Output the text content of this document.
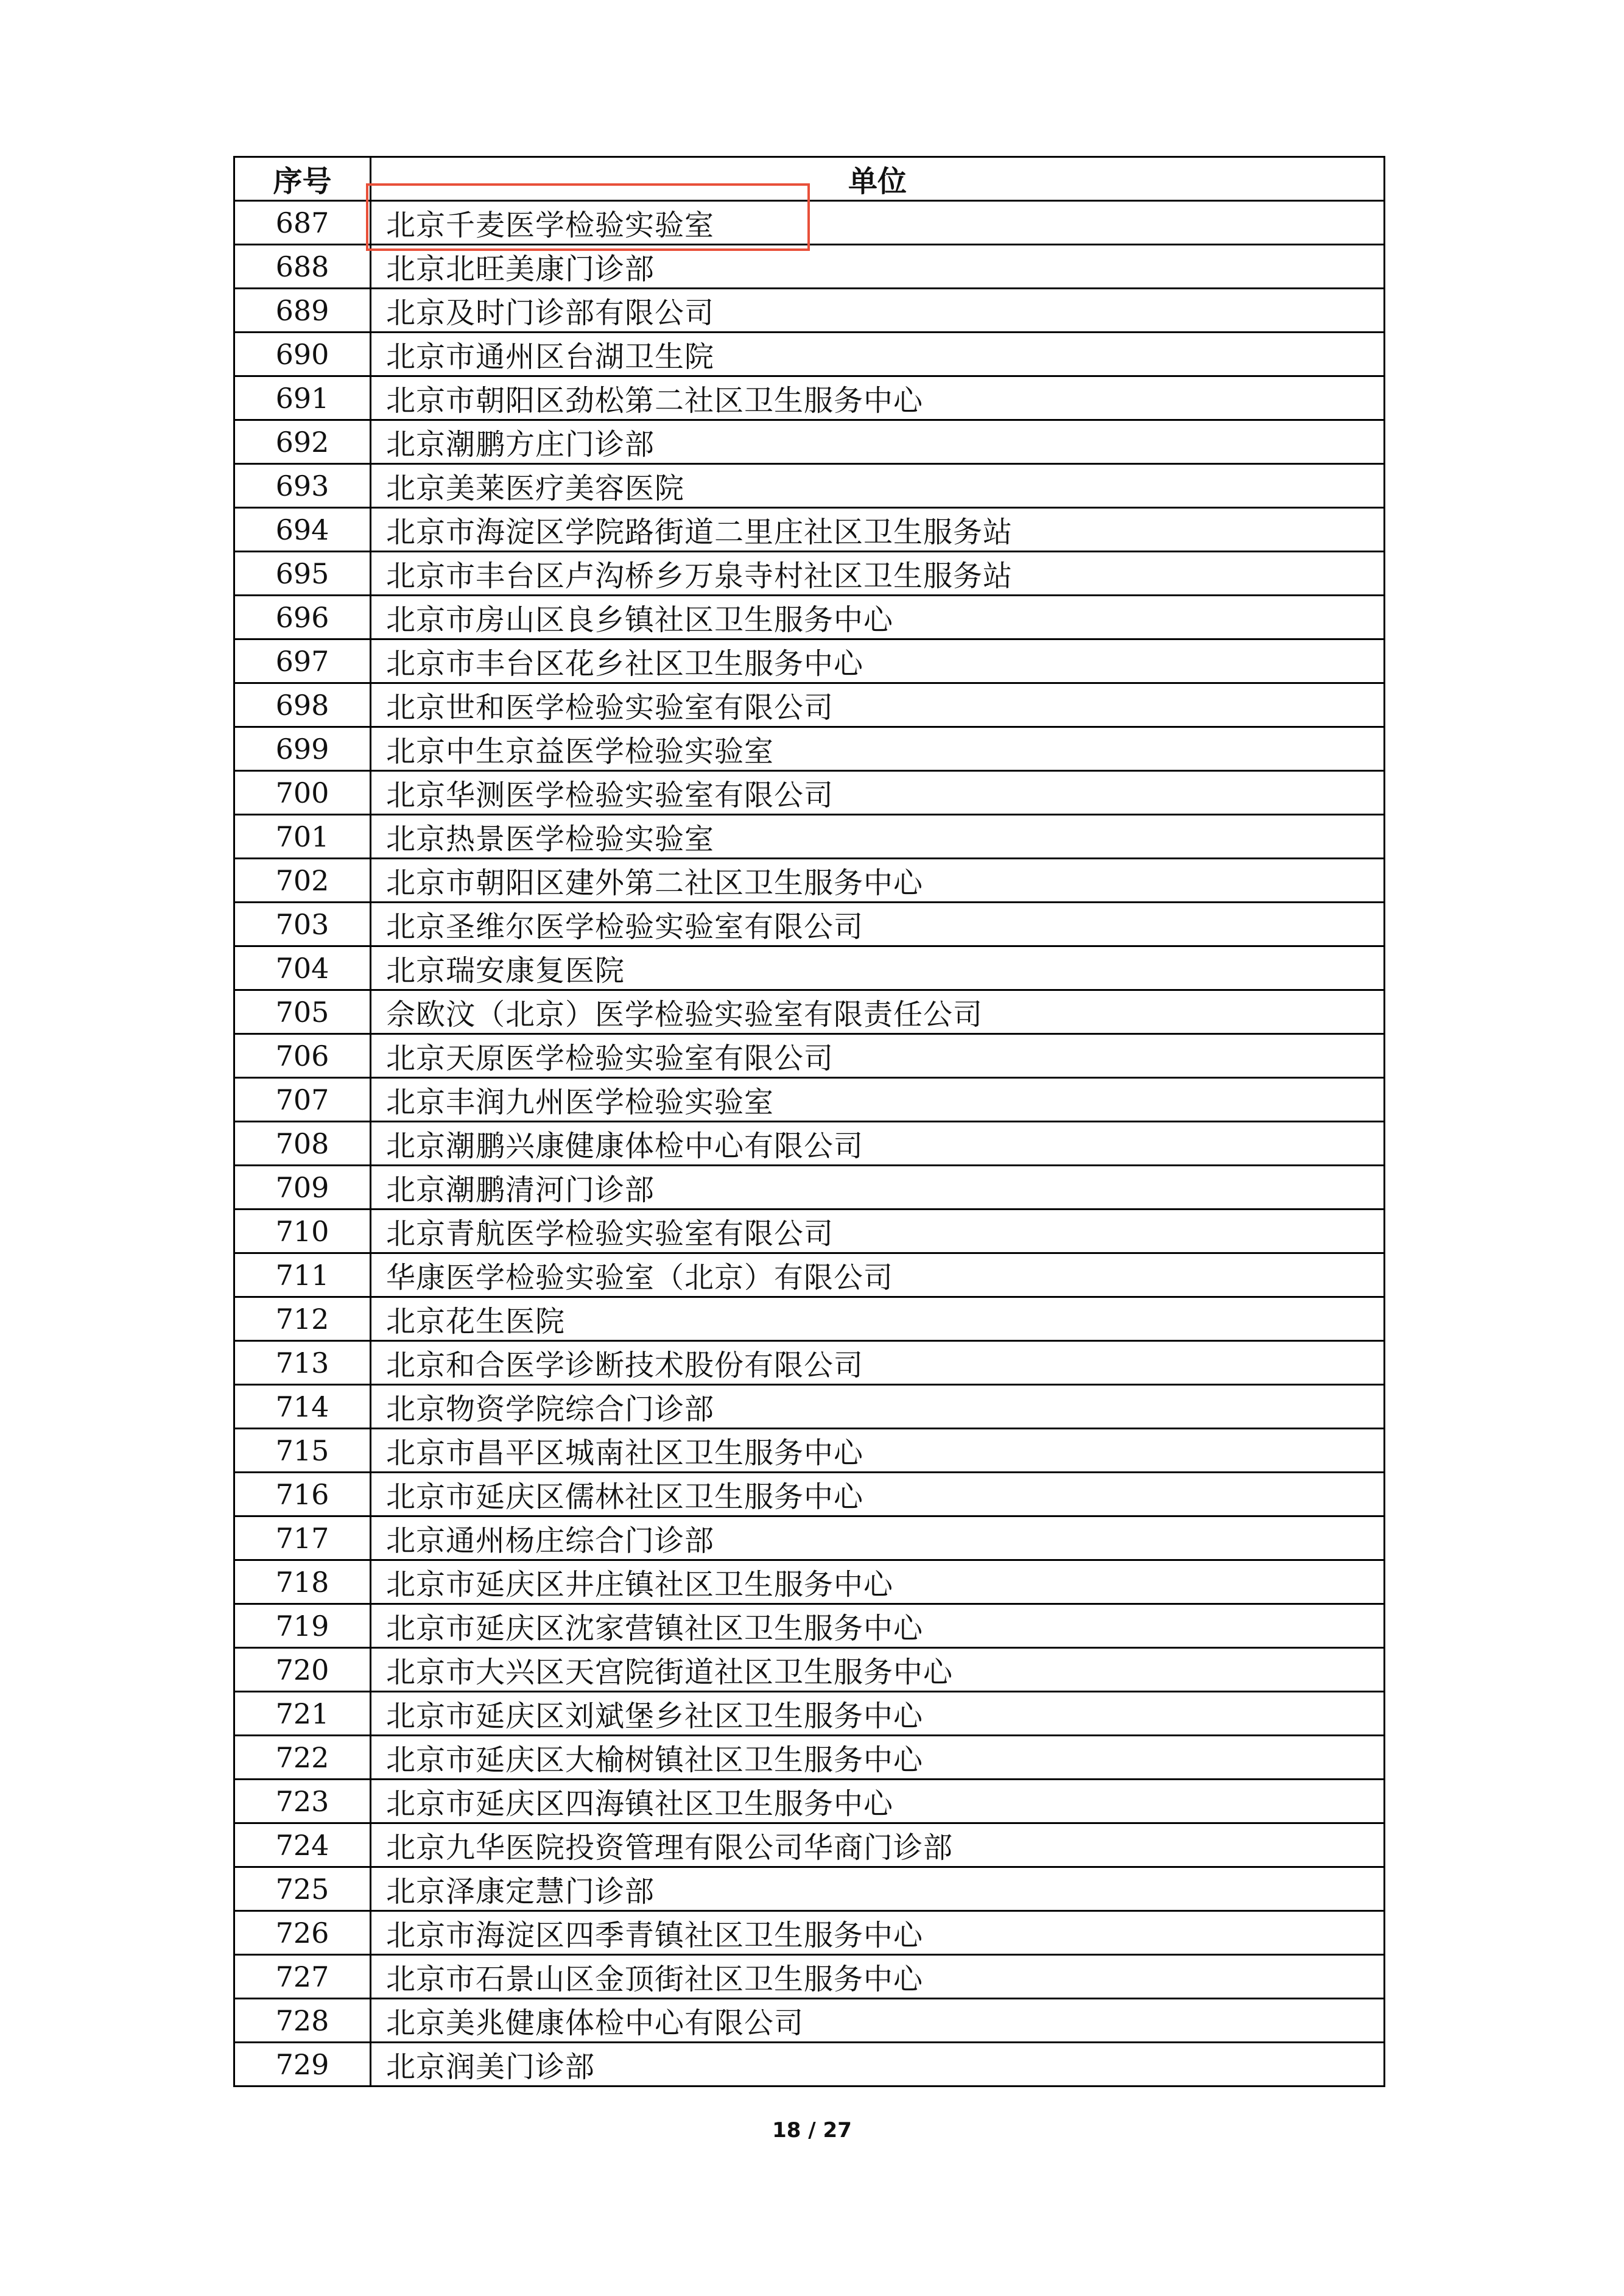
序号	单位
687	北京千麦医学检验实验室
688	北京北旺美康门诊部
689	北京及时门诊部有限公司
690	北京市通州区台湖卫生院
691	北京市朝阳区劲松第二社区卫生服务中心
692	北京潮鹏方庄门诊部
693	北京美莱医疗美容医院
694	北京市海淀区学院路街道二里庄社区卫生服务站
695	北京市丰台区卢沟桥乡万泉寺村社区卫生服务站
696	北京市房山区良乡镇社区卫生服务中心
697	北京市丰台区花乡社区卫生服务中心
698	北京世和医学检验实验室有限公司
699	北京中生京益医学检验实验室
700	北京华测医学检验实验室有限公司
701	北京热景医学检验实验室
702	北京市朝阳区建外第二社区卫生服务中心
703	北京圣维尔医学检验实验室有限公司
704	北京瑞安康复医院
705	佘欧汶（北京）医学检验实验室有限责任公司
706	北京天原医学检验实验室有限公司
707	北京丰润九州医学检验实验室
708	北京潮鹏兴康健康体检中心有限公司
709	北京潮鹏清河门诊部
710	北京青航医学检验实验室有限公司
711	华康医学检验实验室（北京）有限公司
712	北京花生医院
713	北京和合医学诊断技术股份有限公司
714	北京物资学院综合门诊部
715	北京市昌平区城南社区卫生服务中心
716	北京市延庆区儒林社区卫生服务中心
717	北京通州杨庄综合门诊部
718	北京市延庆区井庄镇社区卫生服务中心
719	北京市延庆区沈家营镇社区卫生服务中心
720	北京市大兴区天宫院街道社区卫生服务中心
721	北京市延庆区刘斌堡乡社区卫生服务中心
722	北京市延庆区大榆树镇社区卫生服务中心
723	北京市延庆区四海镇社区卫生服务中心
724	北京九华医院投资管理有限公司华商门诊部
725	北京泽康定慧门诊部
726	北京市海淀区四季青镇社区卫生服务中心
727	北京市石景山区金顶街社区卫生服务中心
728	北京美兆健康体检中心有限公司
729	北京润美门诊部
18 / 27
